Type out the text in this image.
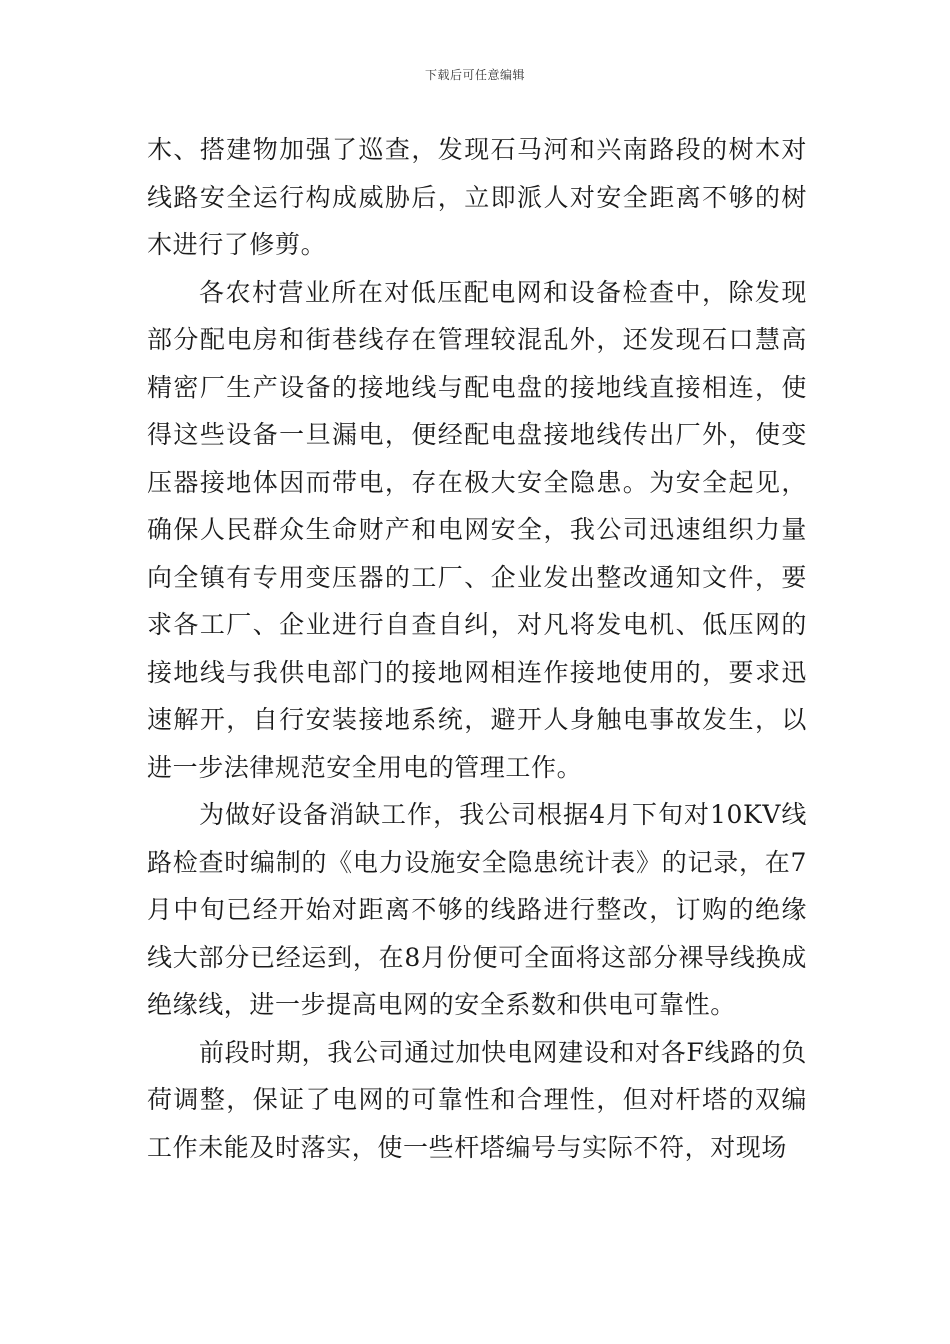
下载后可任意编辑

木、搭建物加强了巡查，发现石马河和兴南路段的树木对线路安全运行构成威胁后，立即派人对安全距离不够的树木进行了修剪。

各农村营业所在对低压配电网和设备检查中，除发现部分配电房和街巷线存在管理较混乱外，还发现石口慧高精密厂生产设备的接地线与配电盘的接地线直接相连，使得这些设备一旦漏电，便经配电盘接地线传出厂外，使变压器接地体因而带电，存在极大安全隐患。为安全起见，确保人民群众生命财产和电网安全，我公司迅速组织力量向全镇有专用变压器的工厂、企业发出整改通知文件，要求各工厂、企业进行自查自纠，对凡将发电机、低压网的接地线与我供电部门的接地网相连作接地使用的，要求迅速解开，自行安装接地系统，避开人身触电事故发生，以进一步法律规范安全用电的管理工作。

为做好设备消缺工作，我公司根据4月下旬对10KV线路检查时编制的《电力设施安全隐患统计表》的记录，在7月中旬已经开始对距离不够的线路进行整改，订购的绝缘线大部分已经运到，在8月份便可全面将这部分裸导线换成绝缘线，进一步提高电网的安全系数和供电可靠性。

前段时期，我公司通过加快电网建设和对各F线路的负荷调整，保证了电网的可靠性和合理性，但对杆塔的双编工作未能及时落实，使一些杆塔编号与实际不符，对现场
